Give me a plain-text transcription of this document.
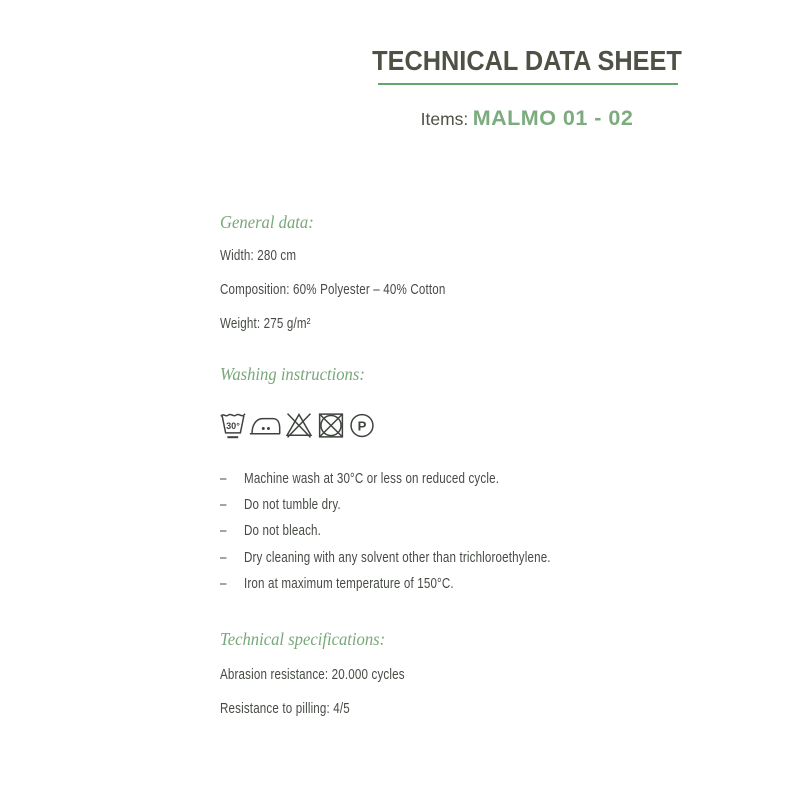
TECHNICAL DATA SHEET
Items: MALMO 01 - 02
General data:
Width: 280 cm
Composition: 60% Polyester – 40% Cotton
Weight: 275 g/m²
Washing instructions:
30°	P
–	Machine wash at 30°C or less on reduced cycle.
–	Do not tumble dry.
–	Do not bleach.
–	Dry cleaning with any solvent other than trichloroethylene.
–	Iron at maximum temperature of 150°C.
Technical specifications:
Abrasion resistance: 20.000 cycles
Resistance to pilling: 4/5
